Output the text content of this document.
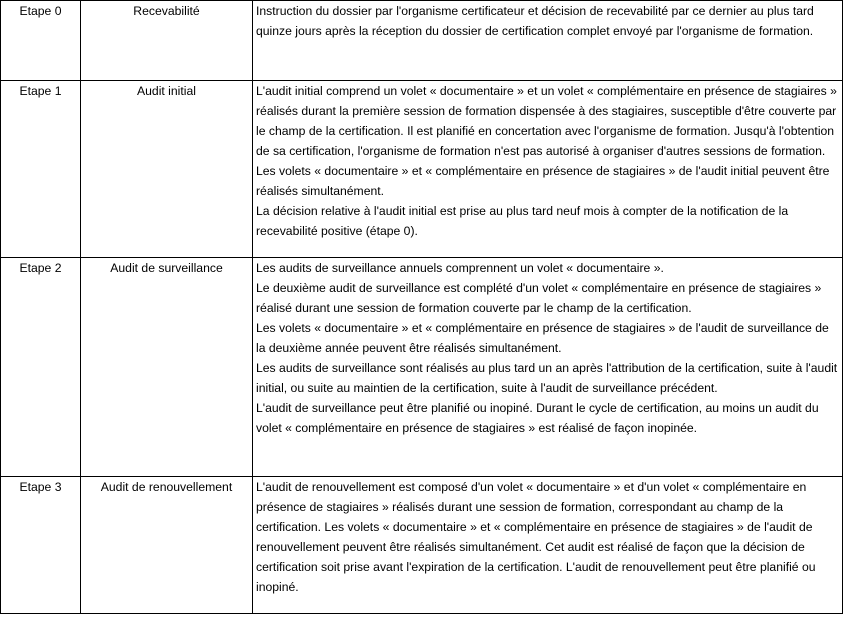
Etape 0	Recevabilité	Instruction du dossier par l'organisme certificateur et décision de recevabilité par ce dernier au plus tard quinze jours après la réception du dossier de certification complet envoyé par l'organisme de formation.

Etape 1	Audit initial	L'audit initial comprend un volet « documentaire » et un volet « complémentaire en présence de stagiaires » réalisés durant la première session de formation dispensée à des stagiaires, susceptible d'être couverte par le champ de la certification. Il est planifié en concertation avec l'organisme de formation. Jusqu'à l'obtention de sa certification, l'organisme de formation n'est pas autorisé à organiser d'autres sessions de formation.
Les volets « documentaire » et « complémentaire en présence de stagiaires » de l'audit initial peuvent être réalisés simultanément.
La décision relative à l'audit initial est prise au plus tard neuf mois à compter de la notification de la recevabilité positive (étape 0).

Etape 2	Audit de surveillance	Les audits de surveillance annuels comprennent un volet « documentaire ».
Le deuxième audit de surveillance est complété d'un volet « complémentaire en présence de stagiaires » réalisé durant une session de formation couverte par le champ de la certification.
Les volets « documentaire » et « complémentaire en présence de stagiaires » de l'audit de surveillance de la deuxième année peuvent être réalisés simultanément.
Les audits de surveillance sont réalisés au plus tard un an après l'attribution de la certification, suite à l'audit initial, ou suite au maintien de la certification, suite à l'audit de surveillance précédent.
L'audit de surveillance peut être planifié ou inopiné. Durant le cycle de certification, au moins un audit du volet « complémentaire en présence de stagiaires » est réalisé de façon inopinée.

Etape 3	Audit de renouvellement	L'audit de renouvellement est composé d'un volet « documentaire » et d'un volet « complémentaire en présence de stagiaires » réalisés durant une session de formation, correspondant au champ de la certification. Les volets « documentaire » et « complémentaire en présence de stagiaires » de l'audit de renouvellement peuvent être réalisés simultanément. Cet audit est réalisé de façon que la décision de certification soit prise avant l'expiration de la certification. L'audit de renouvellement peut être planifié ou inopiné.
